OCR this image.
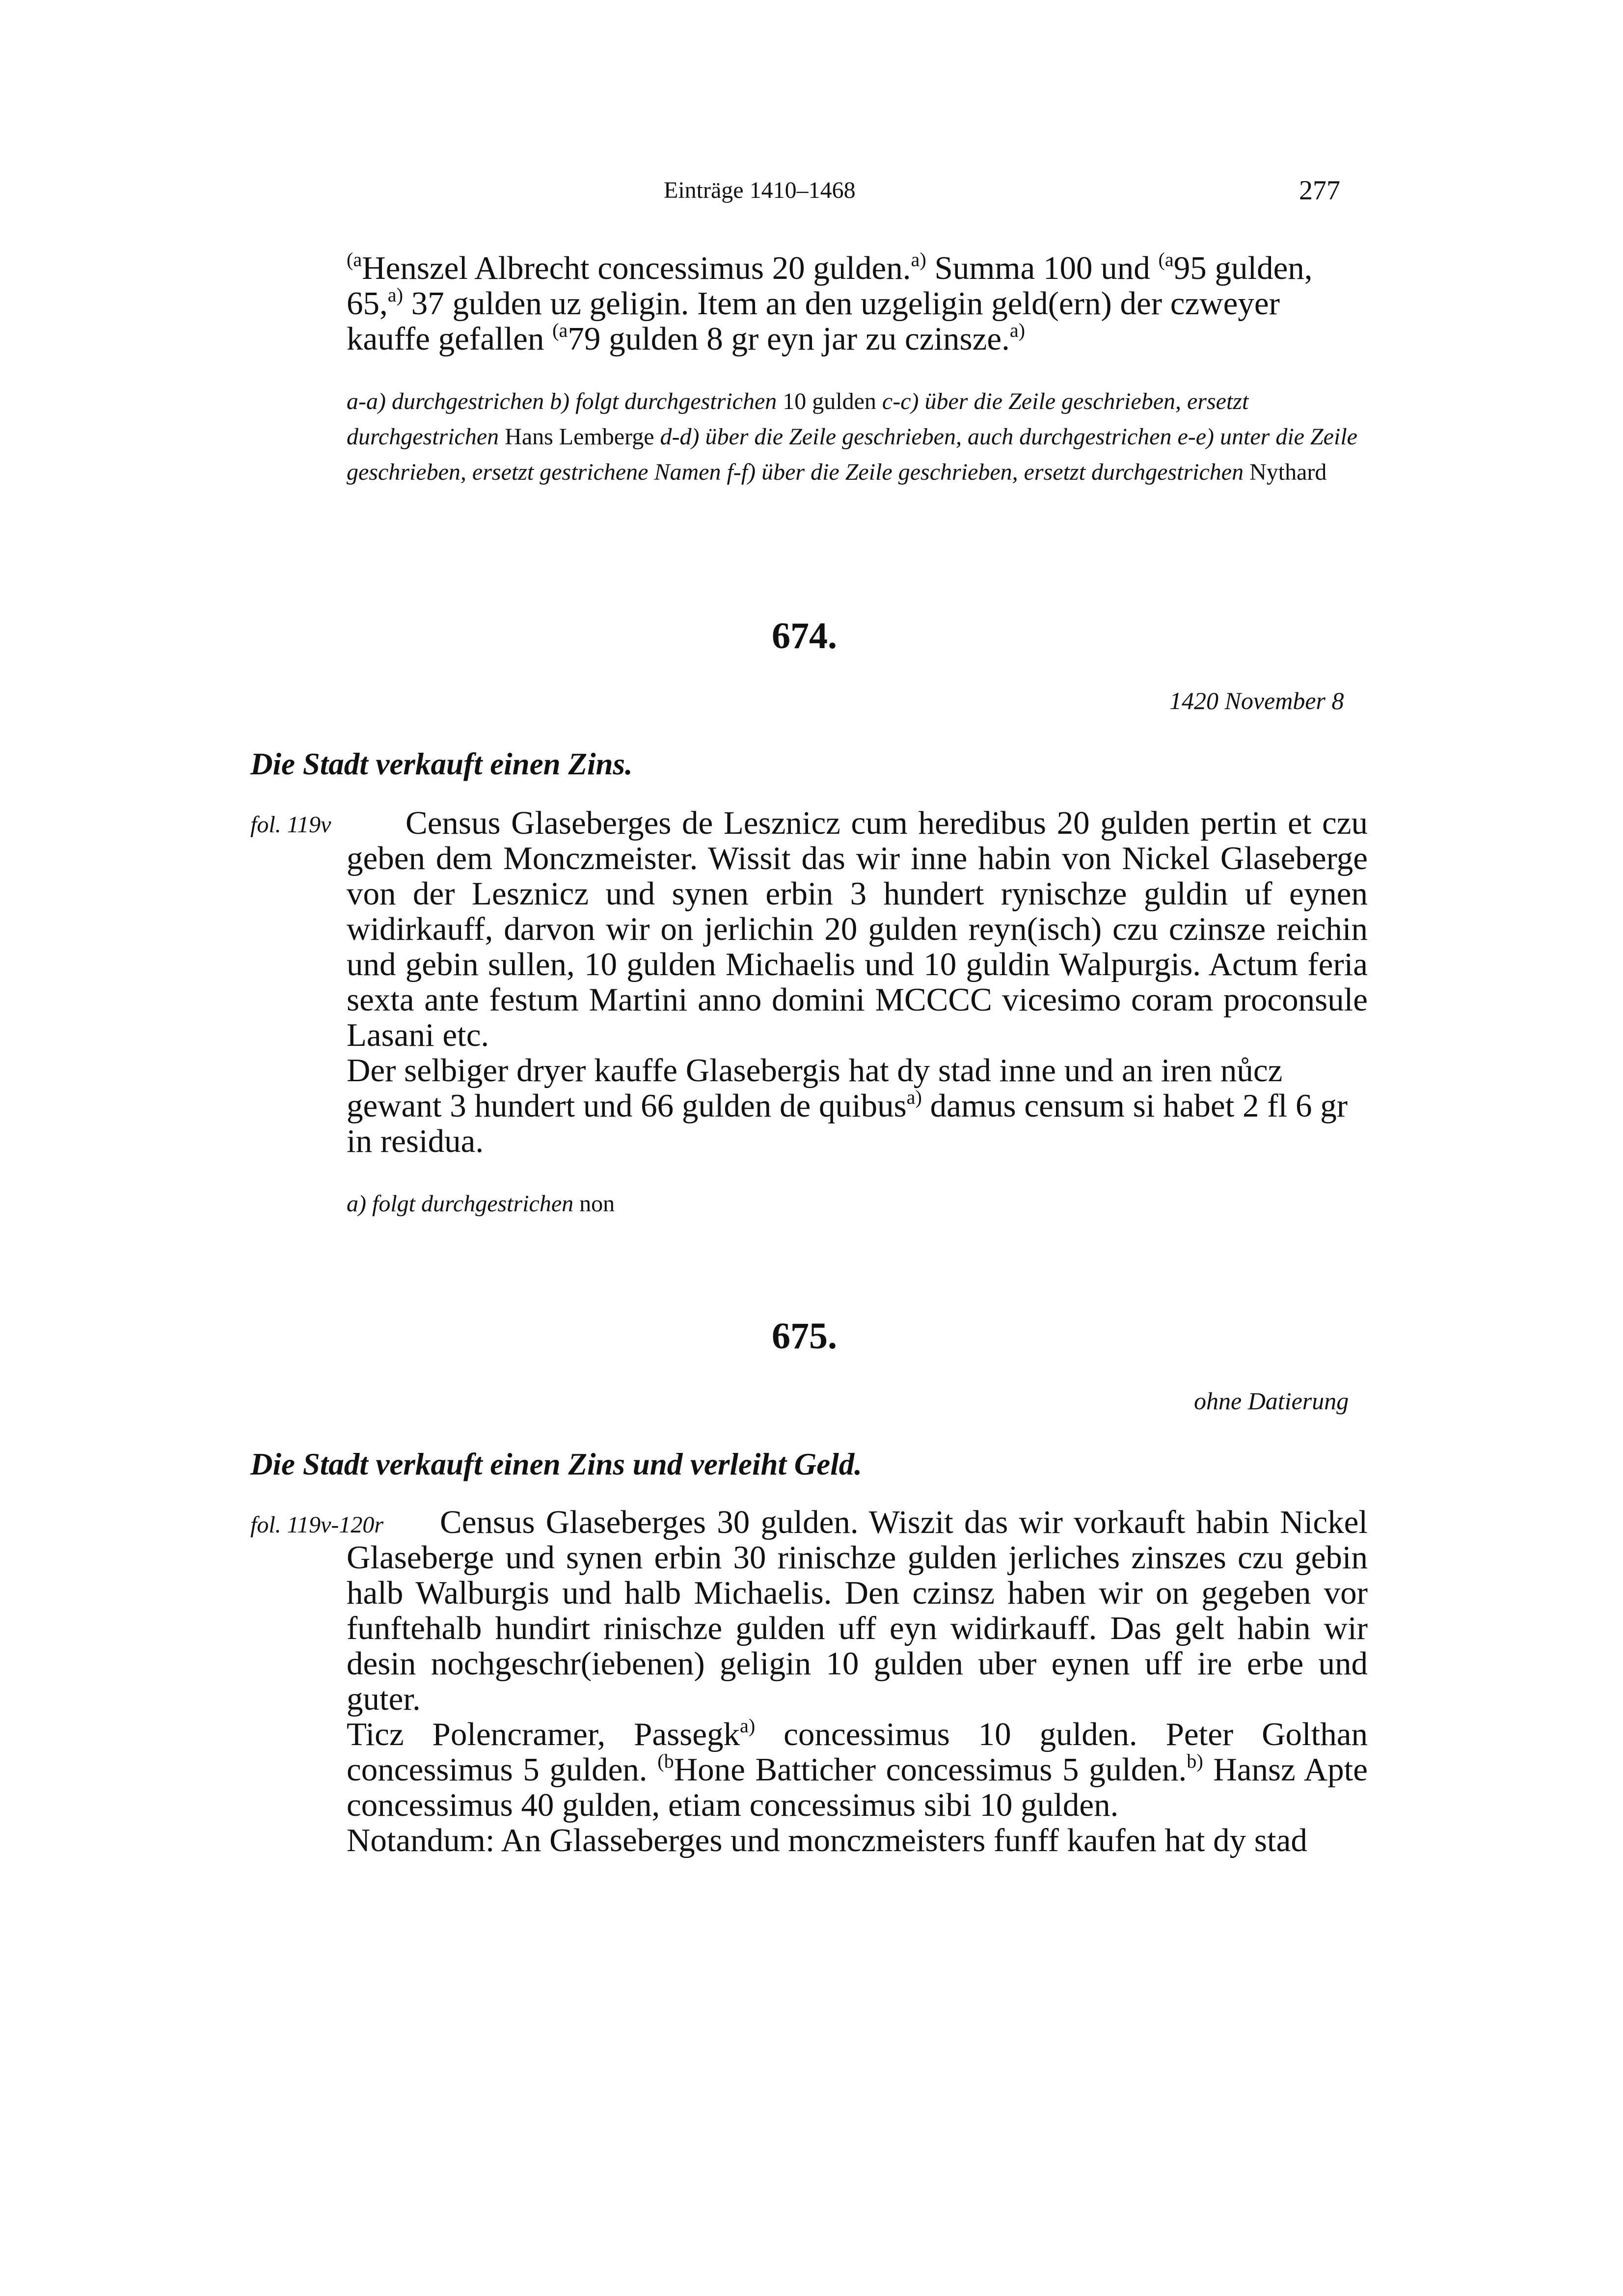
Einträge 1410–1468	277

$^{(a}$Henszel Albrecht concessimus 20 gulden.$^{a)}$ Summa 100 und $^{(a}$95 gulden, 65,$^{a)}$ 37 gulden uz geligin. Item an den uzgeligin geld(ern) der czweyer kauffe gefallen $^{(a}$79 gulden 8 gr eyn jar zu czinsze.$^{a)}$

a-a) durchgestrichen b) folgt durchgestrichen 10 gulden c-c) über die Zeile geschrieben, ersetzt durchgestrichen Hans Lemberge d-d) über die Zeile geschrieben, auch durchgestrichen e-e) unter die Zeile geschrieben, ersetzt gestrichene Namen f-f) über die Zeile geschrieben, ersetzt durchgestrichen Nythard

674.
1420 November 8
Die Stadt verkauft einen Zins.
fol. 119v	Census Glaseberges de Lesznicz cum heredibus 20 gulden pertin et czu geben dem Monczmeister. Wissit das wir inne habin von Nickel Glaseberge von der Lesznicz und synen erbin 3 hundert rynischze guldin uf eynen widirkauff, darvon wir on jerlichin 20 gulden reyn(isch) czu czinsze reichin und gebin sullen, 10 gulden Michaelis und 10 guldin Walpurgis. Actum feria sexta ante festum Martini anno domini MCCCC vicesimo coram proconsule Lasani etc.

Der selbiger dryer kauffe Glasebergis hat dy stad inne und an iren nůcz gewant 3 hundert und 66 gulden de quibus$^{a)}$ damus censum si habet 2 fl 6 gr in residua.

a) folgt durchgestrichen non

675.
ohne Datierung
Die Stadt verkauft einen Zins und verleiht Geld.
fol. 119v-120r	Census Glaseberges 30 gulden. Wiszit das wir vorkauft habin Nickel Glaseberge und synen erbin 30 rinischze gulden jerliches zinszes czu gebin halb Walburgis und halb Michaelis. Den czinsz haben wir on gegeben vor funftehalb hundirt rinischze gulden uff eyn widirkauff. Das gelt habin wir desin nochgeschr(iebenen) geligin 10 gulden uber eynen uff ire erbe und guter.

Ticz Polencramer, Passegk$^{a)}$ concessimus 10 gulden. Peter Golthan concessimus 5 gulden. $^{(b}$Hone Batticher concessimus 5 gulden.$^{b)}$ Hansz Apte concessimus 40 gulden, etiam concessimus sibi 10 gulden.

Notandum: An Glasseberges und monczmeisters funff kaufen hat dy stad
